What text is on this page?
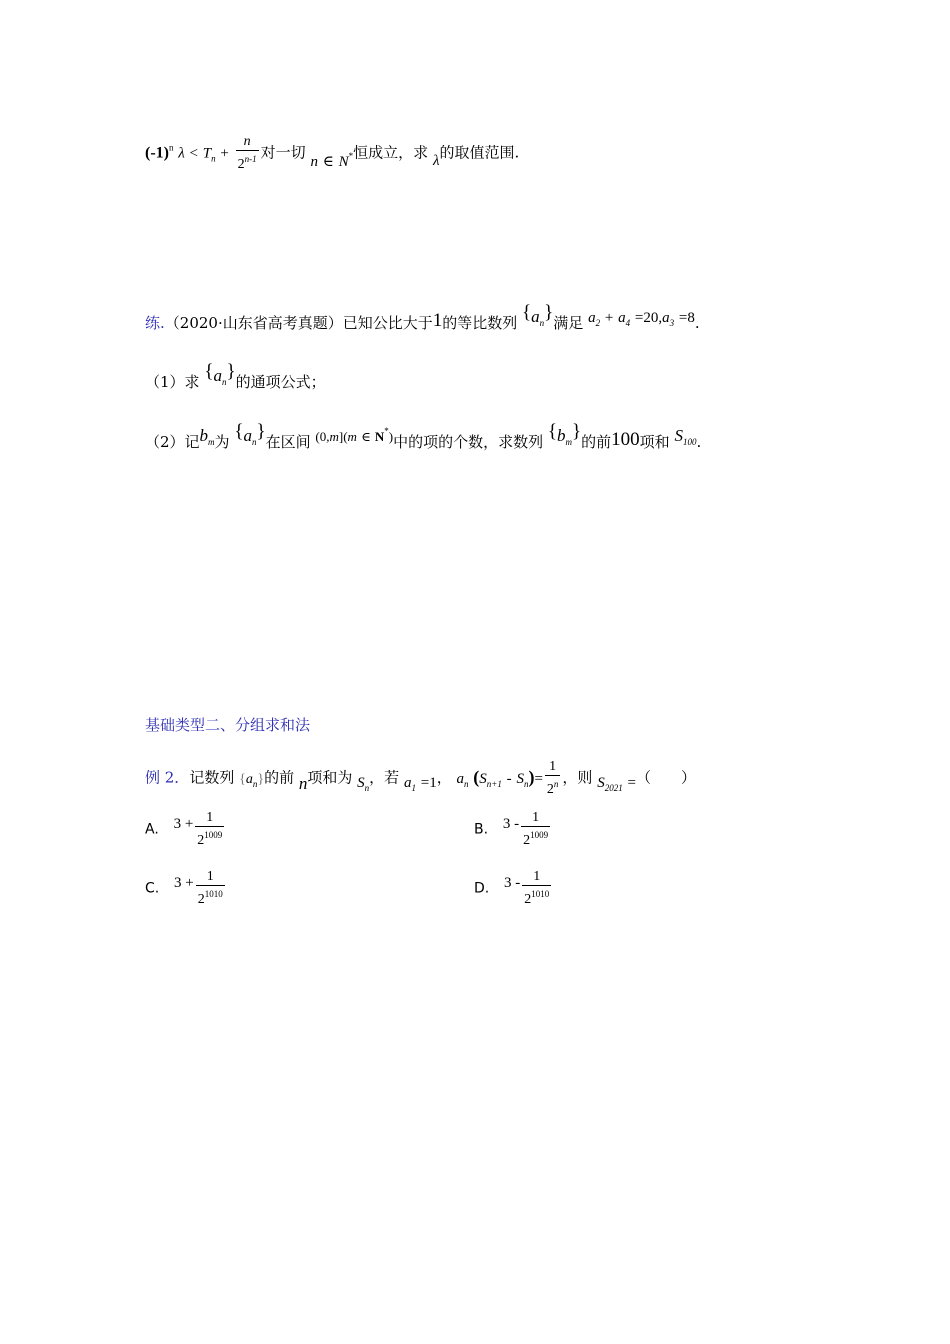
$(-1)^n$ $\lambda < T_n + \frac{n}{2^{n-1}}$ 对一切 n ∈ N*恒成立，求 λ的取值范围.
练.（2020·山东省高考真题）已知公比大于1的等比数列 $\{a_n\}$满足 $a_2 + a_4 =20,a_3 =8$.
（1）求 $\{a_n\}$的通项公式；
（2）记$b_m$为 $\{a_n\}$在区间 (0,m](m ∈ N*)中的项的个数，求数列 $\{b_m\}$的前100项和 $S_{100}$.
基础类型二、分组求和法
例 2．记数列 $\{a_n\}$的前 n项和为 $S_n$，若 $a_1 =1$， $a_n$ $(S_{n+1} - S_n)= \frac{1}{2^n}$ ，则 $S_{2021}$ =（　　）
A. $3 + \frac{1}{2^{1009}}$	B. $3 - \frac{1}{2^{1009}}$
C. $3 + \frac{1}{2^{1010}}$	D. $3 - \frac{1}{2^{1010}}$
